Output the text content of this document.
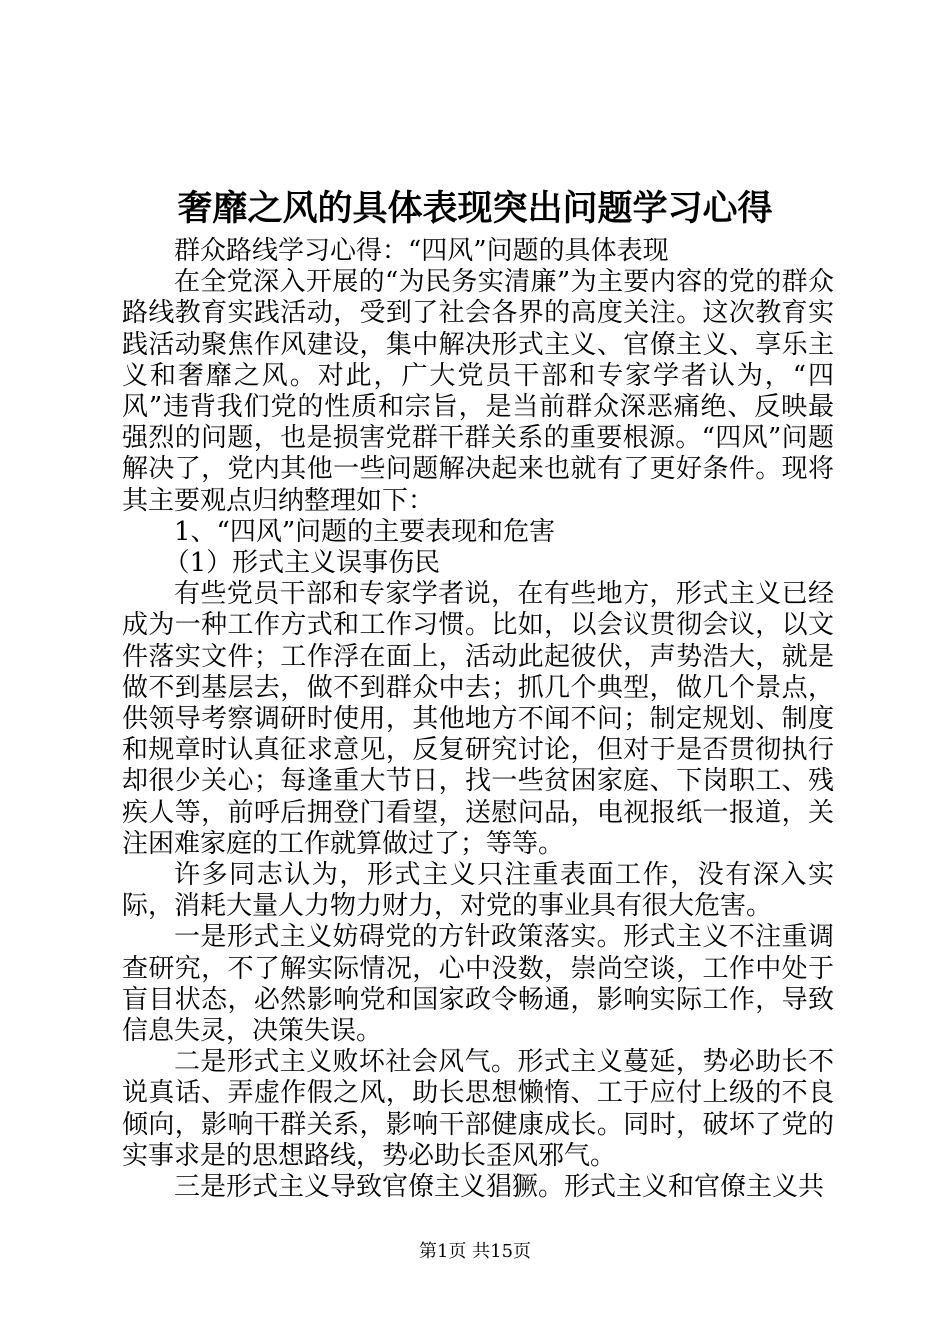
奢靡之风的具体表现突出问题学习心得

群众路线学习心得：“四风”问题的具体表现

在全党深入开展的“为民务实清廉”为主要内容的党的群众路线教育实践活动，受到了社会各界的高度关注。这次教育实践活动聚焦作风建设，集中解决形式主义、官僚主义、享乐主义和奢靡之风。对此，广大党员干部和专家学者认为，“四风”违背我们党的性质和宗旨，是当前群众深恶痛绝、反映最强烈的问题，也是损害党群干群关系的重要根源。“四风”问题解决了，党内其他一些问题解决起来也就有了更好条件。现将其主要观点归纳整理如下：

1、“四风”问题的主要表现和危害

（1）形式主义误事伤民

有些党员干部和专家学者说，在有些地方，形式主义已经成为一种工作方式和工作习惯。比如，以会议贯彻会议，以文件落实文件；工作浮在面上，活动此起彼伏，声势浩大，就是做不到基层去，做不到群众中去；抓几个典型，做几个景点，供领导考察调研时使用，其他地方不闻不问；制定规划、制度和规章时认真征求意见，反复研究讨论，但对于是否贯彻执行却很少关心；每逢重大节日，找一些贫困家庭、下岗职工、残疾人等，前呼后拥登门看望，送慰问品，电视报纸一报道，关注困难家庭的工作就算做过了；等等。

许多同志认为，形式主义只注重表面工作，没有深入实际，消耗大量人力物力财力，对党的事业具有很大危害。

一是形式主义妨碍党的方针政策落实。形式主义不注重调查研究，不了解实际情况，心中没数，崇尚空谈，工作中处于盲目状态，必然影响党和国家政令畅通，影响实际工作，导致信息失灵，决策失误。

二是形式主义败坏社会风气。形式主义蔓延，势必助长不说真话、弄虚作假之风，助长思想懒惰、工于应付上级的不良倾向，影响干群关系，影响干部健康成长。同时，破坏了党的实事求是的思想路线，势必助长歪风邪气。

三是形式主义导致官僚主义猖獗。形式主义和官僚主义共

第1页 共15页
